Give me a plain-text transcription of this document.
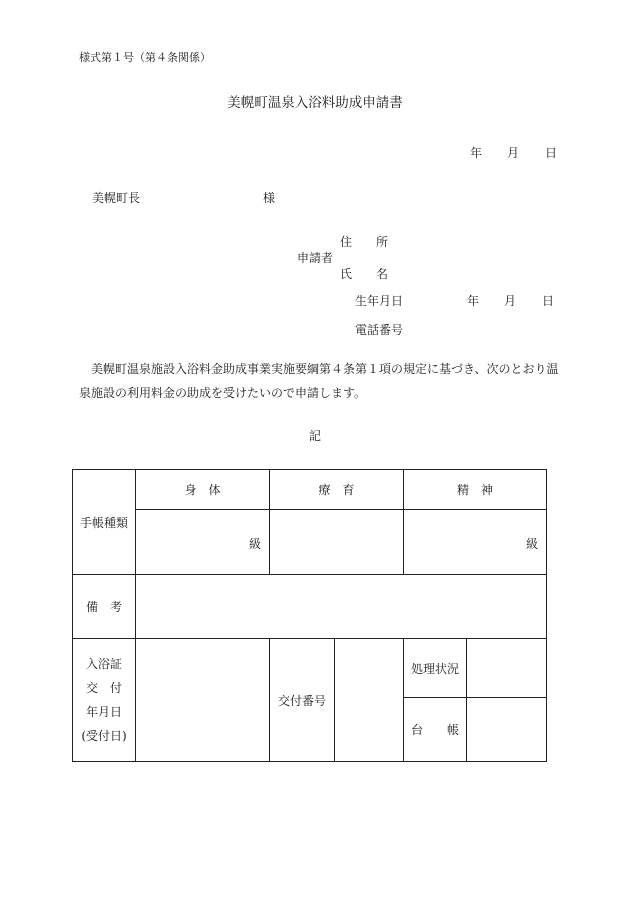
様式第１号（第４条関係）
美幌町温泉入浴料助成申請書
年 月 日
美幌町長	様
住　　所
申請者
氏　　名
生年月日	年 月 日
電話番号
美幌町温泉施設入浴料金助成事業実施要綱第４条第１項の規定に基づき、次のとおり温泉施設の利用料金の助成を受けたいので申請します。
記
手帳種類	身　体	療　育		精　神	
	級			級	
備　考					

入浴証
交　付
年月日
(受付日)		交付番号		処理状況	
				台　　帳	
